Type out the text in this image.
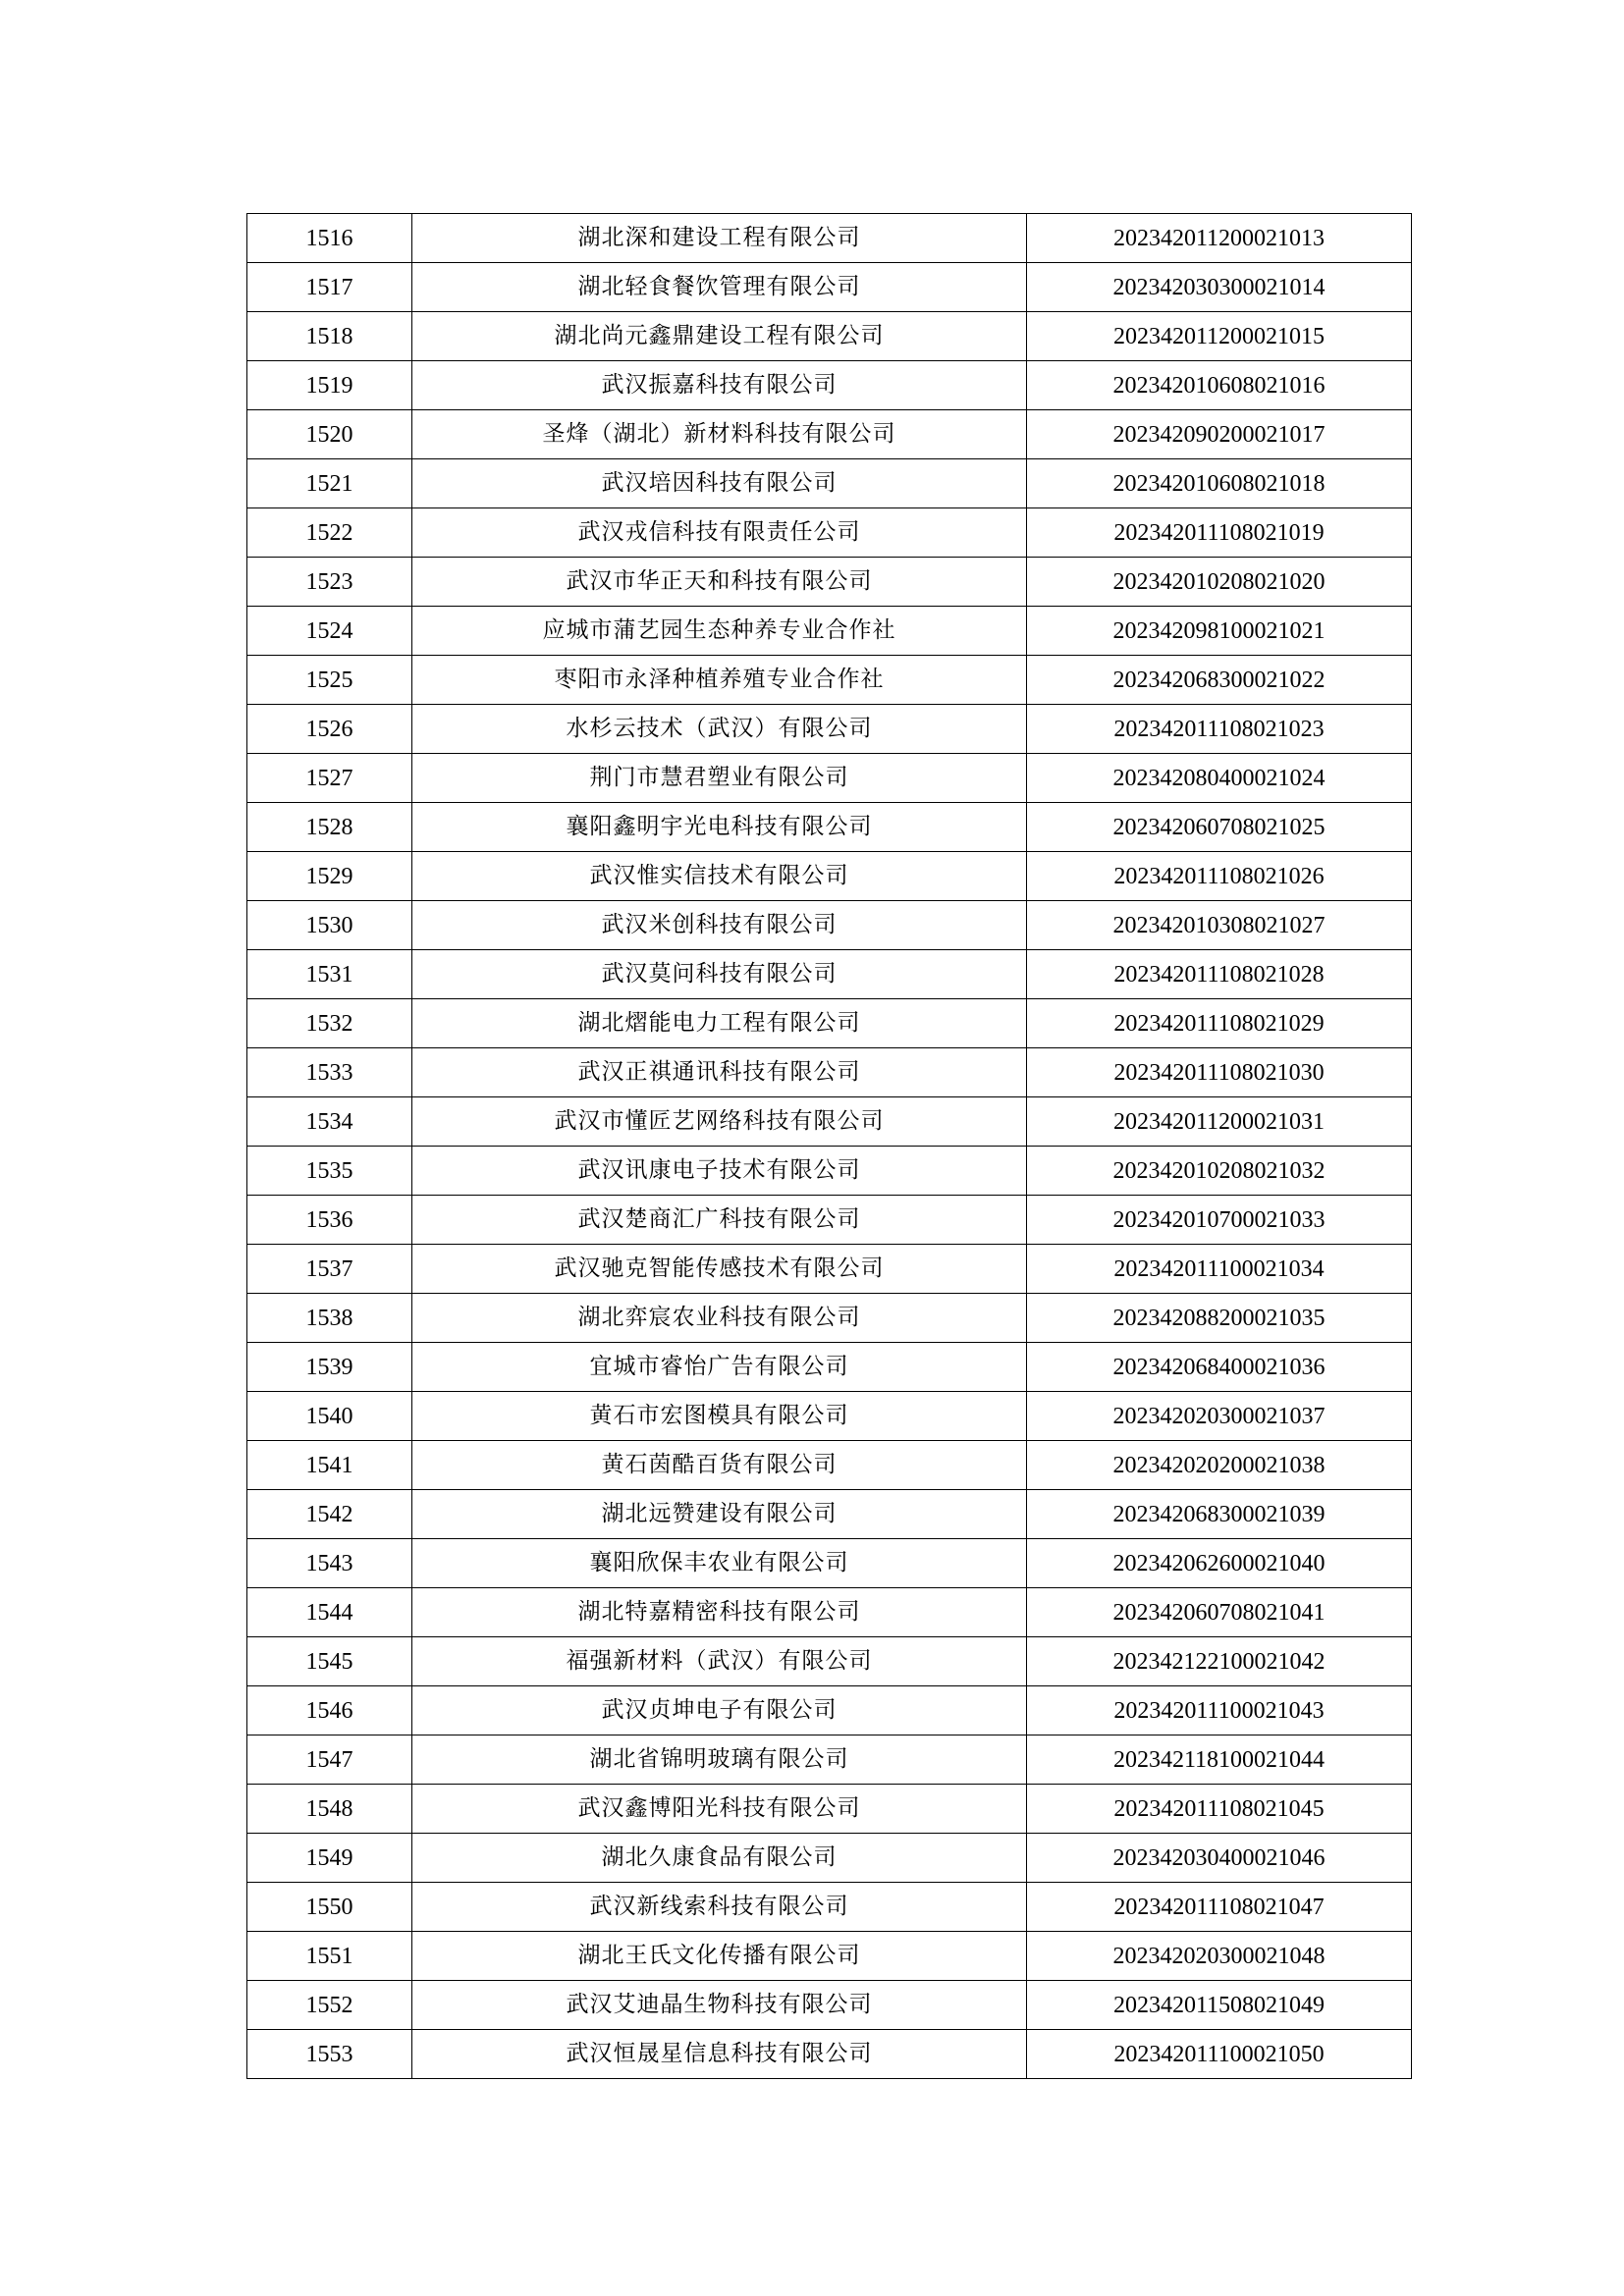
1516	湖北深和建设工程有限公司	202342011200021013
1517	湖北轻食餐饮管理有限公司	202342030300021014
1518	湖北尚元鑫鼎建设工程有限公司	202342011200021015
1519	武汉振嘉科技有限公司	202342010608021016
1520	圣烽（湖北）新材料科技有限公司	202342090200021017
1521	武汉培因科技有限公司	202342010608021018
1522	武汉戎信科技有限责任公司	202342011108021019
1523	武汉市华正天和科技有限公司	202342010208021020
1524	应城市蒲艺园生态种养专业合作社	202342098100021021
1525	枣阳市永泽种植养殖专业合作社	202342068300021022
1526	水杉云技术（武汉）有限公司	202342011108021023
1527	荆门市慧君塑业有限公司	202342080400021024
1528	襄阳鑫明宇光电科技有限公司	202342060708021025
1529	武汉惟实信技术有限公司	202342011108021026
1530	武汉米创科技有限公司	202342010308021027
1531	武汉莫问科技有限公司	202342011108021028
1532	湖北熠能电力工程有限公司	202342011108021029
1533	武汉正祺通讯科技有限公司	202342011108021030
1534	武汉市懂匠艺网络科技有限公司	202342011200021031
1535	武汉讯康电子技术有限公司	202342010208021032
1536	武汉楚商汇广科技有限公司	202342010700021033
1537	武汉驰克智能传感技术有限公司	202342011100021034
1538	湖北弈宸农业科技有限公司	202342088200021035
1539	宜城市睿怡广告有限公司	202342068400021036
1540	黄石市宏图模具有限公司	202342020300021037
1541	黄石茵酷百货有限公司	202342020200021038
1542	湖北远赞建设有限公司	202342068300021039
1543	襄阳欣保丰农业有限公司	202342062600021040
1544	湖北特嘉精密科技有限公司	202342060708021041
1545	福强新材料（武汉）有限公司	202342122100021042
1546	武汉贞坤电子有限公司	202342011100021043
1547	湖北省锦明玻璃有限公司	202342118100021044
1548	武汉鑫博阳光科技有限公司	202342011108021045
1549	湖北久康食品有限公司	202342030400021046
1550	武汉新线索科技有限公司	202342011108021047
1551	湖北王氏文化传播有限公司	202342020300021048
1552	武汉艾迪晶生物科技有限公司	202342011508021049
1553	武汉恒晟星信息科技有限公司	202342011100021050
